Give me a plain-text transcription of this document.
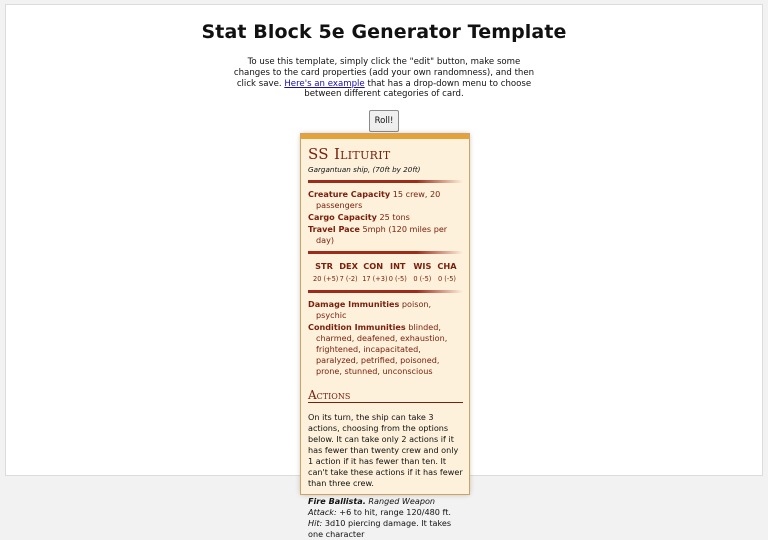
Stat Block 5e Generator Template
To use this template, simply click the "edit" button, make some changes to the card properties (add your own randomness), and then click save. Here's an example that has a drop-down menu to choose between different categories of card.
Roll!
SS Iliturit
Gargantuan ship, (70ft by 20ft)
Creature Capacity 15 crew, 20 passengers
Cargo Capacity 25 tons
Travel Pace 5mph (120 miles per day)
STR
20 (+5)
DEX
7 (-2)
CON
17 (+3)
INT
0 (-5)
WIS
0 (-5)
CHA
0 (-5)
Damage Immunities poison, psychic
Condition Immunities blinded, charmed, deafened, exhaustion, frightened, incapacitated, paralyzed, petrified, poisoned, prone, stunned, unconscious
Actions
On its turn, the ship can take 3 actions, choosing from the options below. It can take only 2 actions if it has fewer than twenty crew and only 1 action if it has fewer than ten. It can't take these actions if it has fewer than three crew.
Fire Ballista. Ranged Weapon Attack: +6 to hit, range 120/480 ft. Hit: 3d10 piercing damage. It takes one character
